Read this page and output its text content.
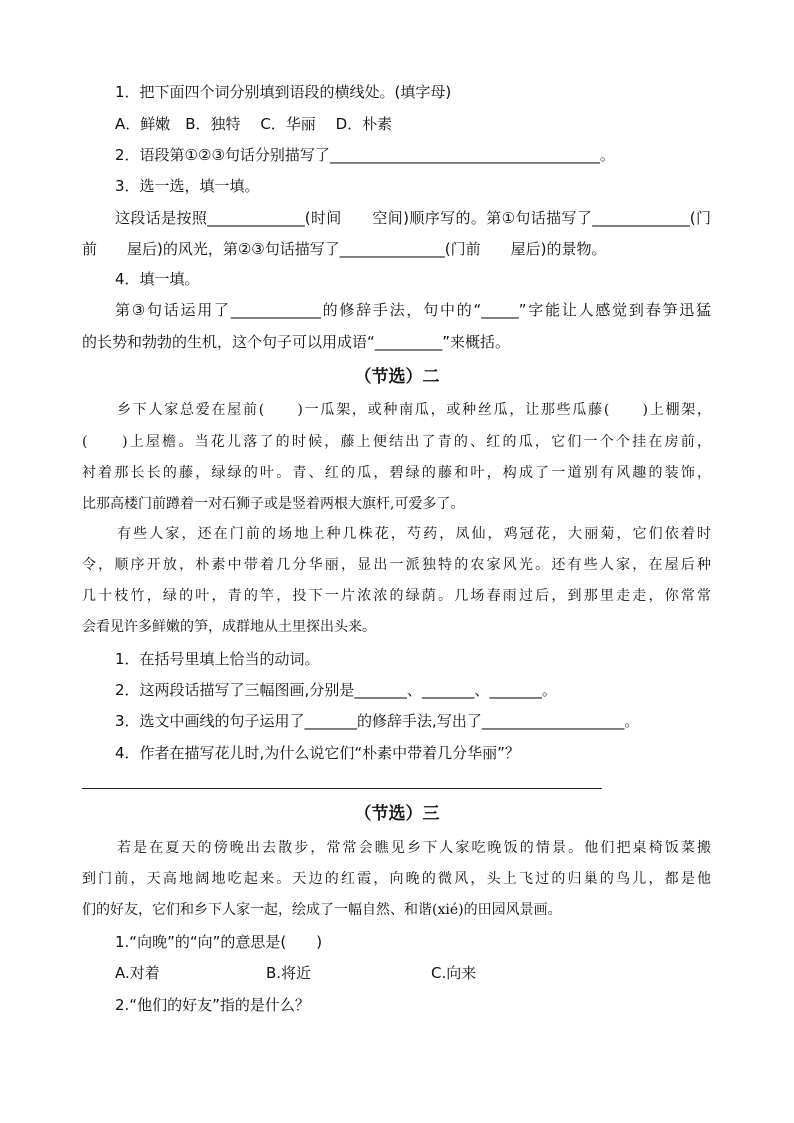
1．把下面四个词分别填到语段的横线处。(填字母)
A．鲜嫩　B．独特　 C．华丽　 D．朴素
2．语段第①②③句话分别描写了____________________________________。
3．选一选，填一填。
这段话是按照_____________(时间　　空间)顺序写的。第①句话描写了_____________(门
前　　屋后)的风光，第②③句话描写了______________(门前　　屋后)的景物。
4．填一填。
第③句话运用了____________的修辞手法，句中的“_____”字能让人感觉到春笋迅猛
的长势和勃勃的生机，这个句子可以用成语“_________”来概括。
（节选）二
乡下人家总爱在屋前(　　)一瓜架，或种南瓜，或种丝瓜，让那些瓜藤(　　)上棚架，
(　　)上屋檐。当花儿落了的时候，藤上便结出了青的、红的瓜，它们一个个挂在房前，
衬着那长长的藤，绿绿的叶。青、红的瓜，碧绿的藤和叶，构成了一道别有风趣的装饰，
比那高楼门前蹲着一对石狮子或是竖着两根大旗杆,可爱多了。
有些人家，还在门前的场地上种几株花，芍药，凤仙，鸡冠花，大丽菊，它们依着时
令，顺序开放，朴素中带着几分华丽，显出一派独特的农家风光。还有些人家，在屋后种
几十枝竹，绿的叶，青的竿，投下一片浓浓的绿荫。几场春雨过后，到那里走走，你常常
会看见许多鲜嫩的笋，成群地从土里探出头来。
1．在括号里填上恰当的动词。
2．这两段话描写了三幅图画,分别是_______、_______、_______。
3．选文中画线的句子运用了_______的修辞手法,写出了___________________。
4．作者在描写花儿时,为什么说它们“朴素中带着几分华丽”？
（节选）三
若是在夏天的傍晚出去散步，常常会瞧见乡下人家吃晚饭的情景。他们把桌椅饭菜搬
到门前，天高地阔地吃起来。天边的红霞，向晚的微风，头上飞过的归巢的鸟儿，都是他
们的好友，它们和乡下人家一起，绘成了一幅自然、和谐(xié)的田园风景画。
1.“向晚”的“向”的意思是(　　)
A.对着	B.将近	C.向来
2.“他们的好友”指的是什么？
